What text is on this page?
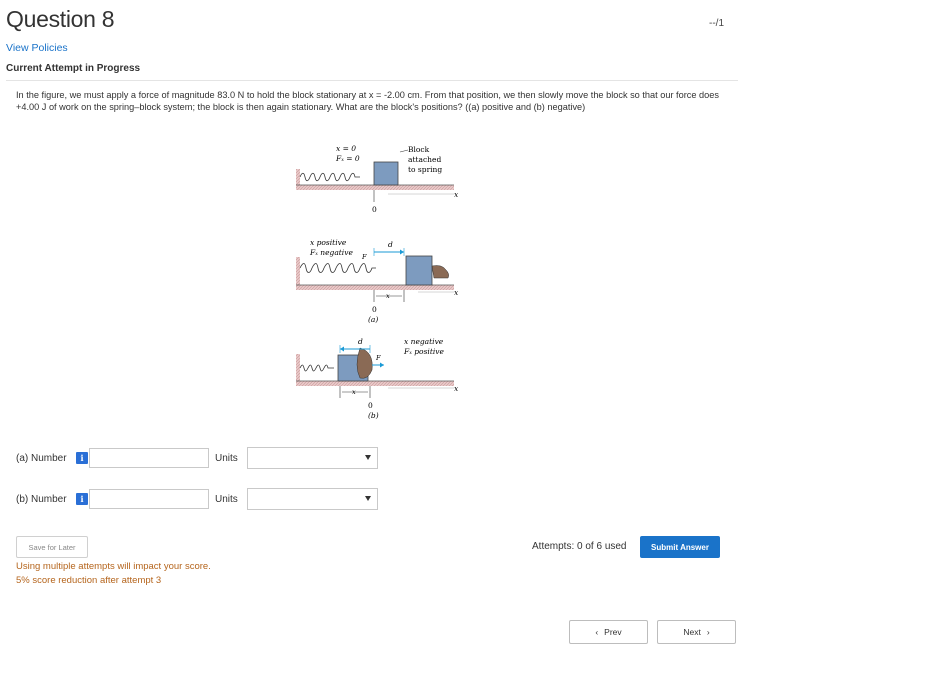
Question 8	--/1
View Policies
Current Attempt in Progress
In the figure, we must apply a force of magnitude 83.0 N to hold the block stationary at x = -2.00 cm. From that position, we then slowly move the block so that our force does +4.00 J of work on the spring–block system; the block is then again stationary. What are the block's positions? ((a) positive and (b) negative)
x = 0
Fₓ = 0
Block
attached
to spring
0
x
x positive
Fₓ negative
d
F
x
0
x
(a)
x negative
Fₓ positive
d
F
x
0
x
(b)
(a) Number	i	Units
(b) Number	i	Units
Save for Later
Using multiple attempts will impact your score.
5% score reduction after attempt 3
Attempts: 0 of 6 used	Submit Answer
‹ Prev	Next ›
